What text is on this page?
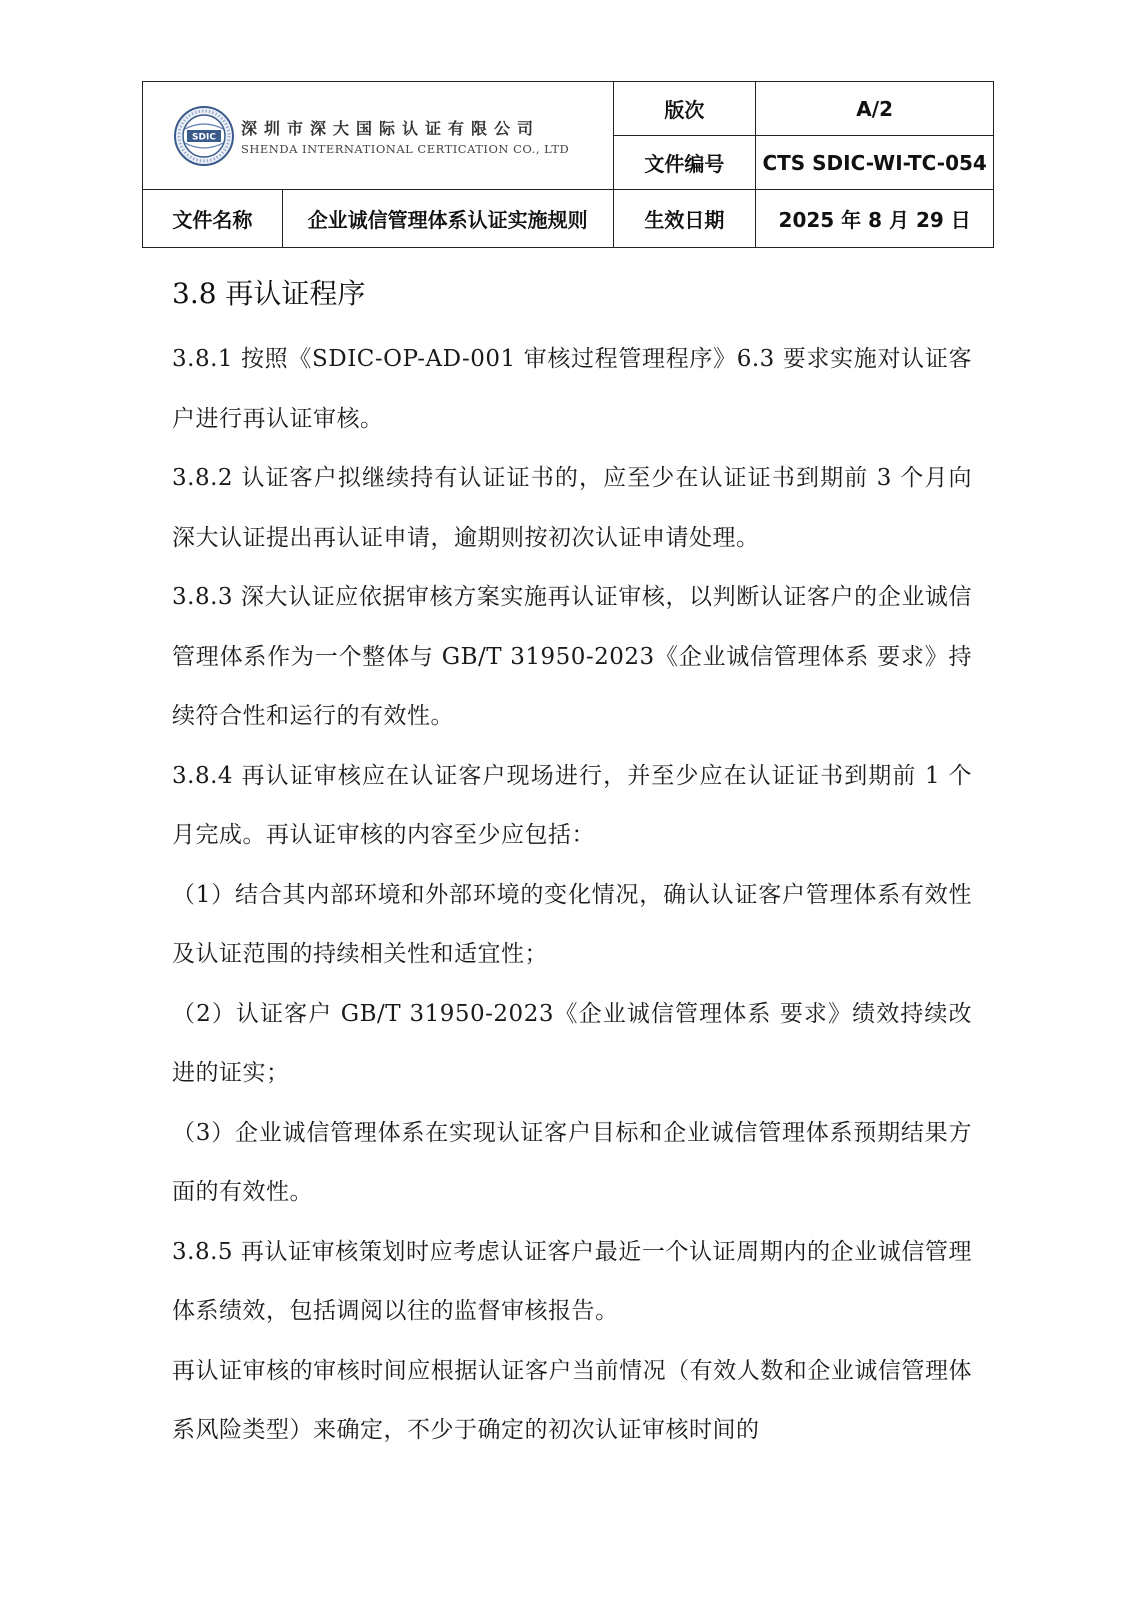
SDIC 深圳市深大国际认证有限公司
SHENDA INTERNATIONAL CERTICATION CO., LTD		版次	A/2
		文件编号	CTS SDIC-WI-TC-054
文件名称	企业诚信管理体系认证实施规则	生效日期	2025 年 8 月 29 日
3.8 再认证程序

3.8.1 按照《SDIC-OP-AD-001 审核过程管理程序》6.3 要求实施对认证客户进行再认证审核。

3.8.2 认证客户拟继续持有认证证书的，应至少在认证证书到期前 3 个月向深大认证提出再认证申请，逾期则按初次认证申请处理。

3.8.3 深大认证应依据审核方案实施再认证审核，以判断认证客户的企业诚信管理体系作为一个整体与 GB/T 31950-2023《企业诚信管理体系 要求》持续符合性和运行的有效性。

3.8.4 再认证审核应在认证客户现场进行，并至少应在认证证书到期前 1 个月完成。再认证审核的内容至少应包括：

（1）结合其内部环境和外部环境的变化情况，确认认证客户管理体系有效性及认证范围的持续相关性和适宜性；

（2）认证客户 GB/T 31950-2023《企业诚信管理体系 要求》绩效持续改进的证实；

（3）企业诚信管理体系在实现认证客户目标和企业诚信管理体系预期结果方面的有效性。

3.8.5 再认证审核策划时应考虑认证客户最近一个认证周期内的企业诚信管理体系绩效，包括调阅以往的监督审核报告。

再认证审核的审核时间应根据认证客户当前情况（有效人数和企业诚信管理体系风险类型）来确定，不少于确定的初次认证审核时间的
